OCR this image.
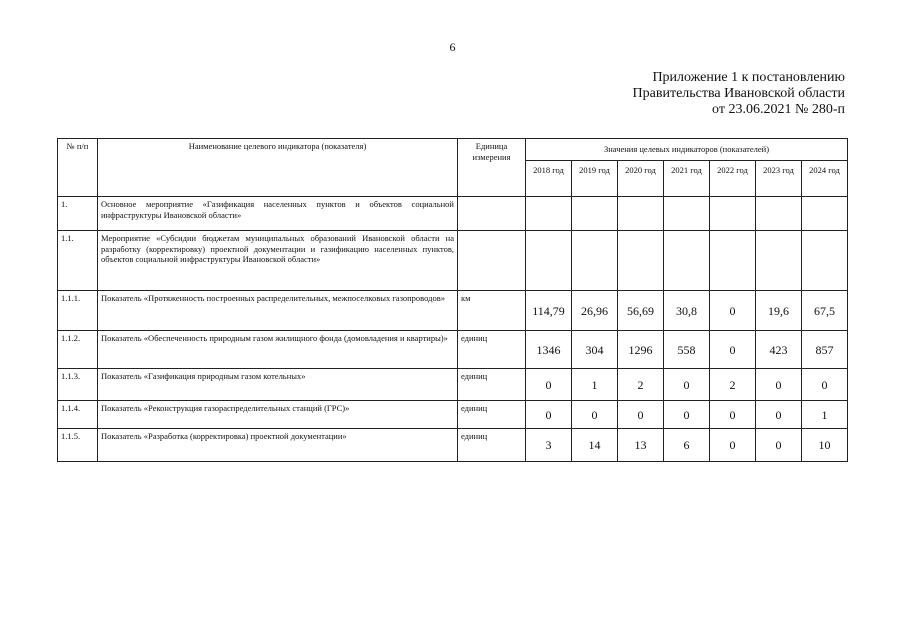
6
Приложение 1 к постановлению
Правительства Ивановской области
от 23.06.2021 № 280-п
№ п/п	Наименование целевого индикатора (показателя)	Единица измерения	Значения целевых индикаторов (показателей)						
			2018 год	2019 год	2020 год	2021 год	2022 год	2023 год	2024 год
1.	Основное мероприятие «Газификация населенных пунктов и объектов социальной инфраструктуры Ивановской области»								
1.1.	Мероприятие «Субсидии бюджетам муниципальных образований Ивановской области на разработку (корректировку) проектной документации и газификацию населенных пунктов, объектов социальной инфраструктуры Ивановской области»								
1.1.1.	Показатель «Протяженность построенных распределительных, межпоселковых газопроводов»	км	114,79	26,96	56,69	30,8	0	19,6	67,5
1.1.2.	Показатель «Обеспеченность природным газом жилищного фонда (домовладения и квартиры)»	единиц	1346	304	1296	558	0	423	857
1.1.3.	Показатель «Газификация природным газом котельных»	единиц	0	1	2	0	2	0	0
1.1.4.	Показатель «Реконструкция газораспределительных станций (ГРС)»	единиц	0	0	0	0	0	0	1
1.1.5.	Показатель «Разработка (корректировка) проектной документации»	единиц	3	14	13	6	0	0	10
